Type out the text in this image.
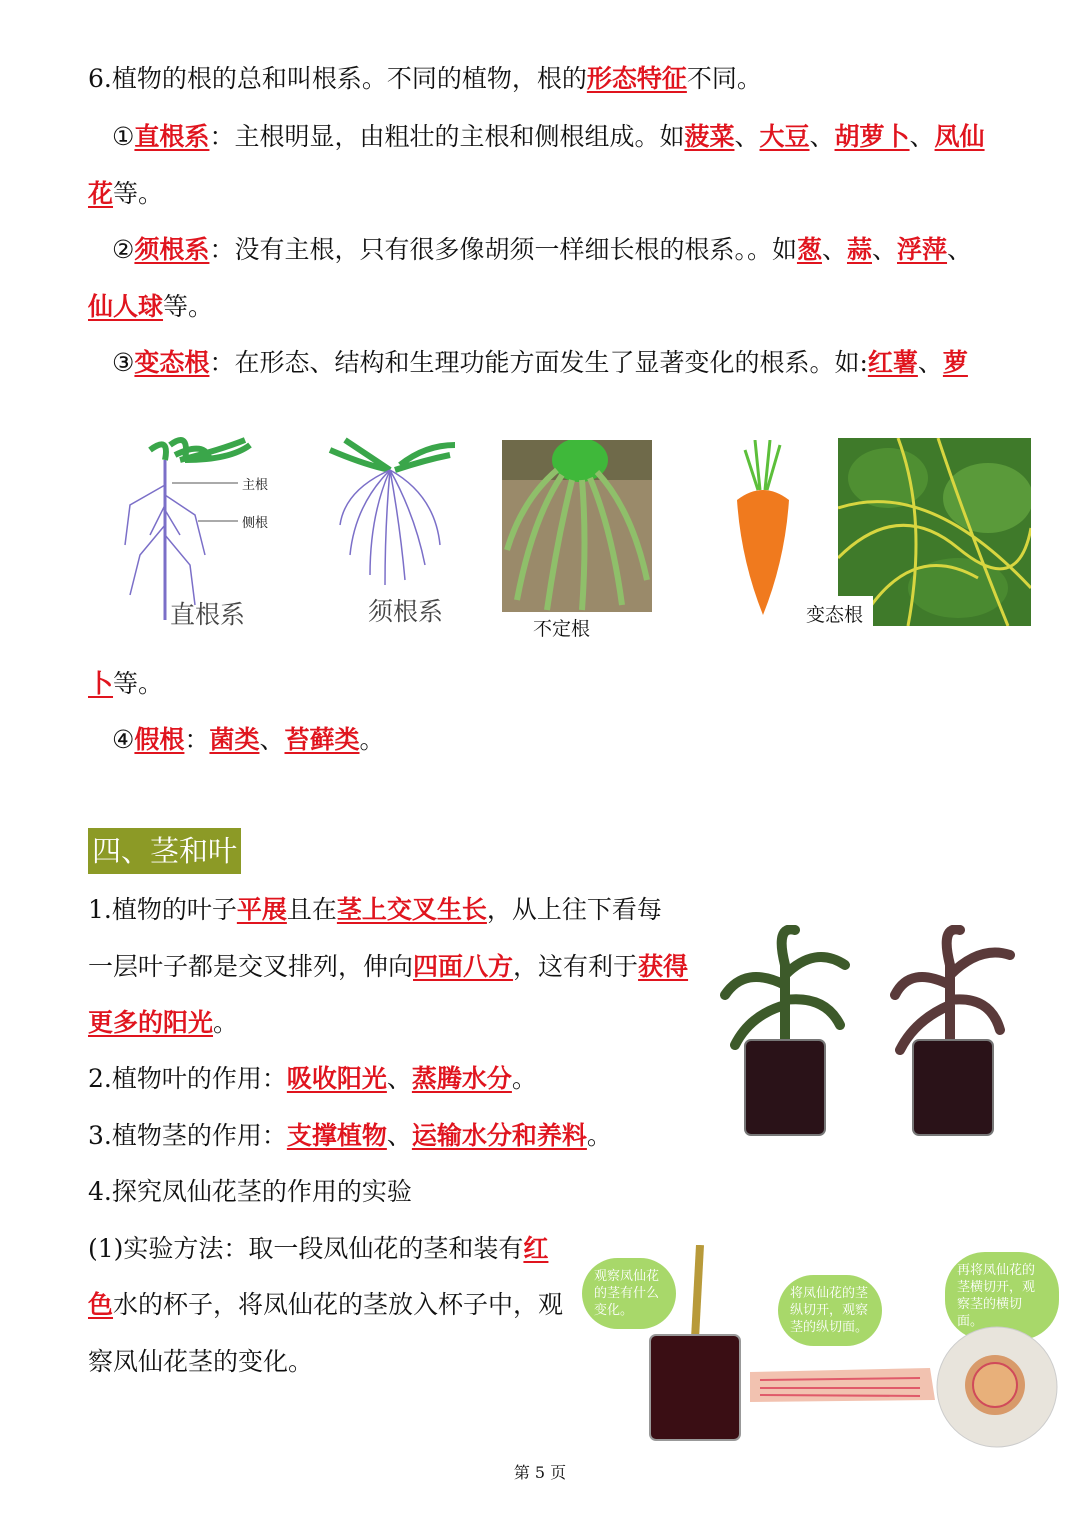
6.植物的根的总和叫根系。不同的植物，根的形态特征不同。
①直根系：主根明显，由粗壮的主根和侧根组成。如菠菜、大豆、胡萝卜、凤仙
花等。
②须根系：没有主根，只有很多像胡须一样细长根的根系。。如葱、蒜、浮萍、
仙人球等。
③变态根：在形态、结构和生理功能方面发生了显著变化的根系。如:红薯、萝
主根
侧根
直根系	须根系
不定根
变态根
卜等。
④假根：菌类、苔藓类。
四、茎和叶
1.植物的叶子平展且在茎上交叉生长，从上往下看每
一层叶子都是交叉排列，伸向四面八方，这有利于获得
更多的阳光。
2.植物叶的作用：吸收阳光、蒸腾水分。
3.植物茎的作用：支撑植物、运输水分和养料。
4.探究凤仙花茎的作用的实验
(1)实验方法：取一段凤仙花的茎和装有红
色水的杯子，将凤仙花的茎放入杯子中，观
察凤仙花茎的变化。
观察凤仙花的茎有什么变化。
将凤仙花的茎纵切开，观察茎的纵切面。
再将凤仙花的茎横切开，观察茎的横切面。
第 5 页
